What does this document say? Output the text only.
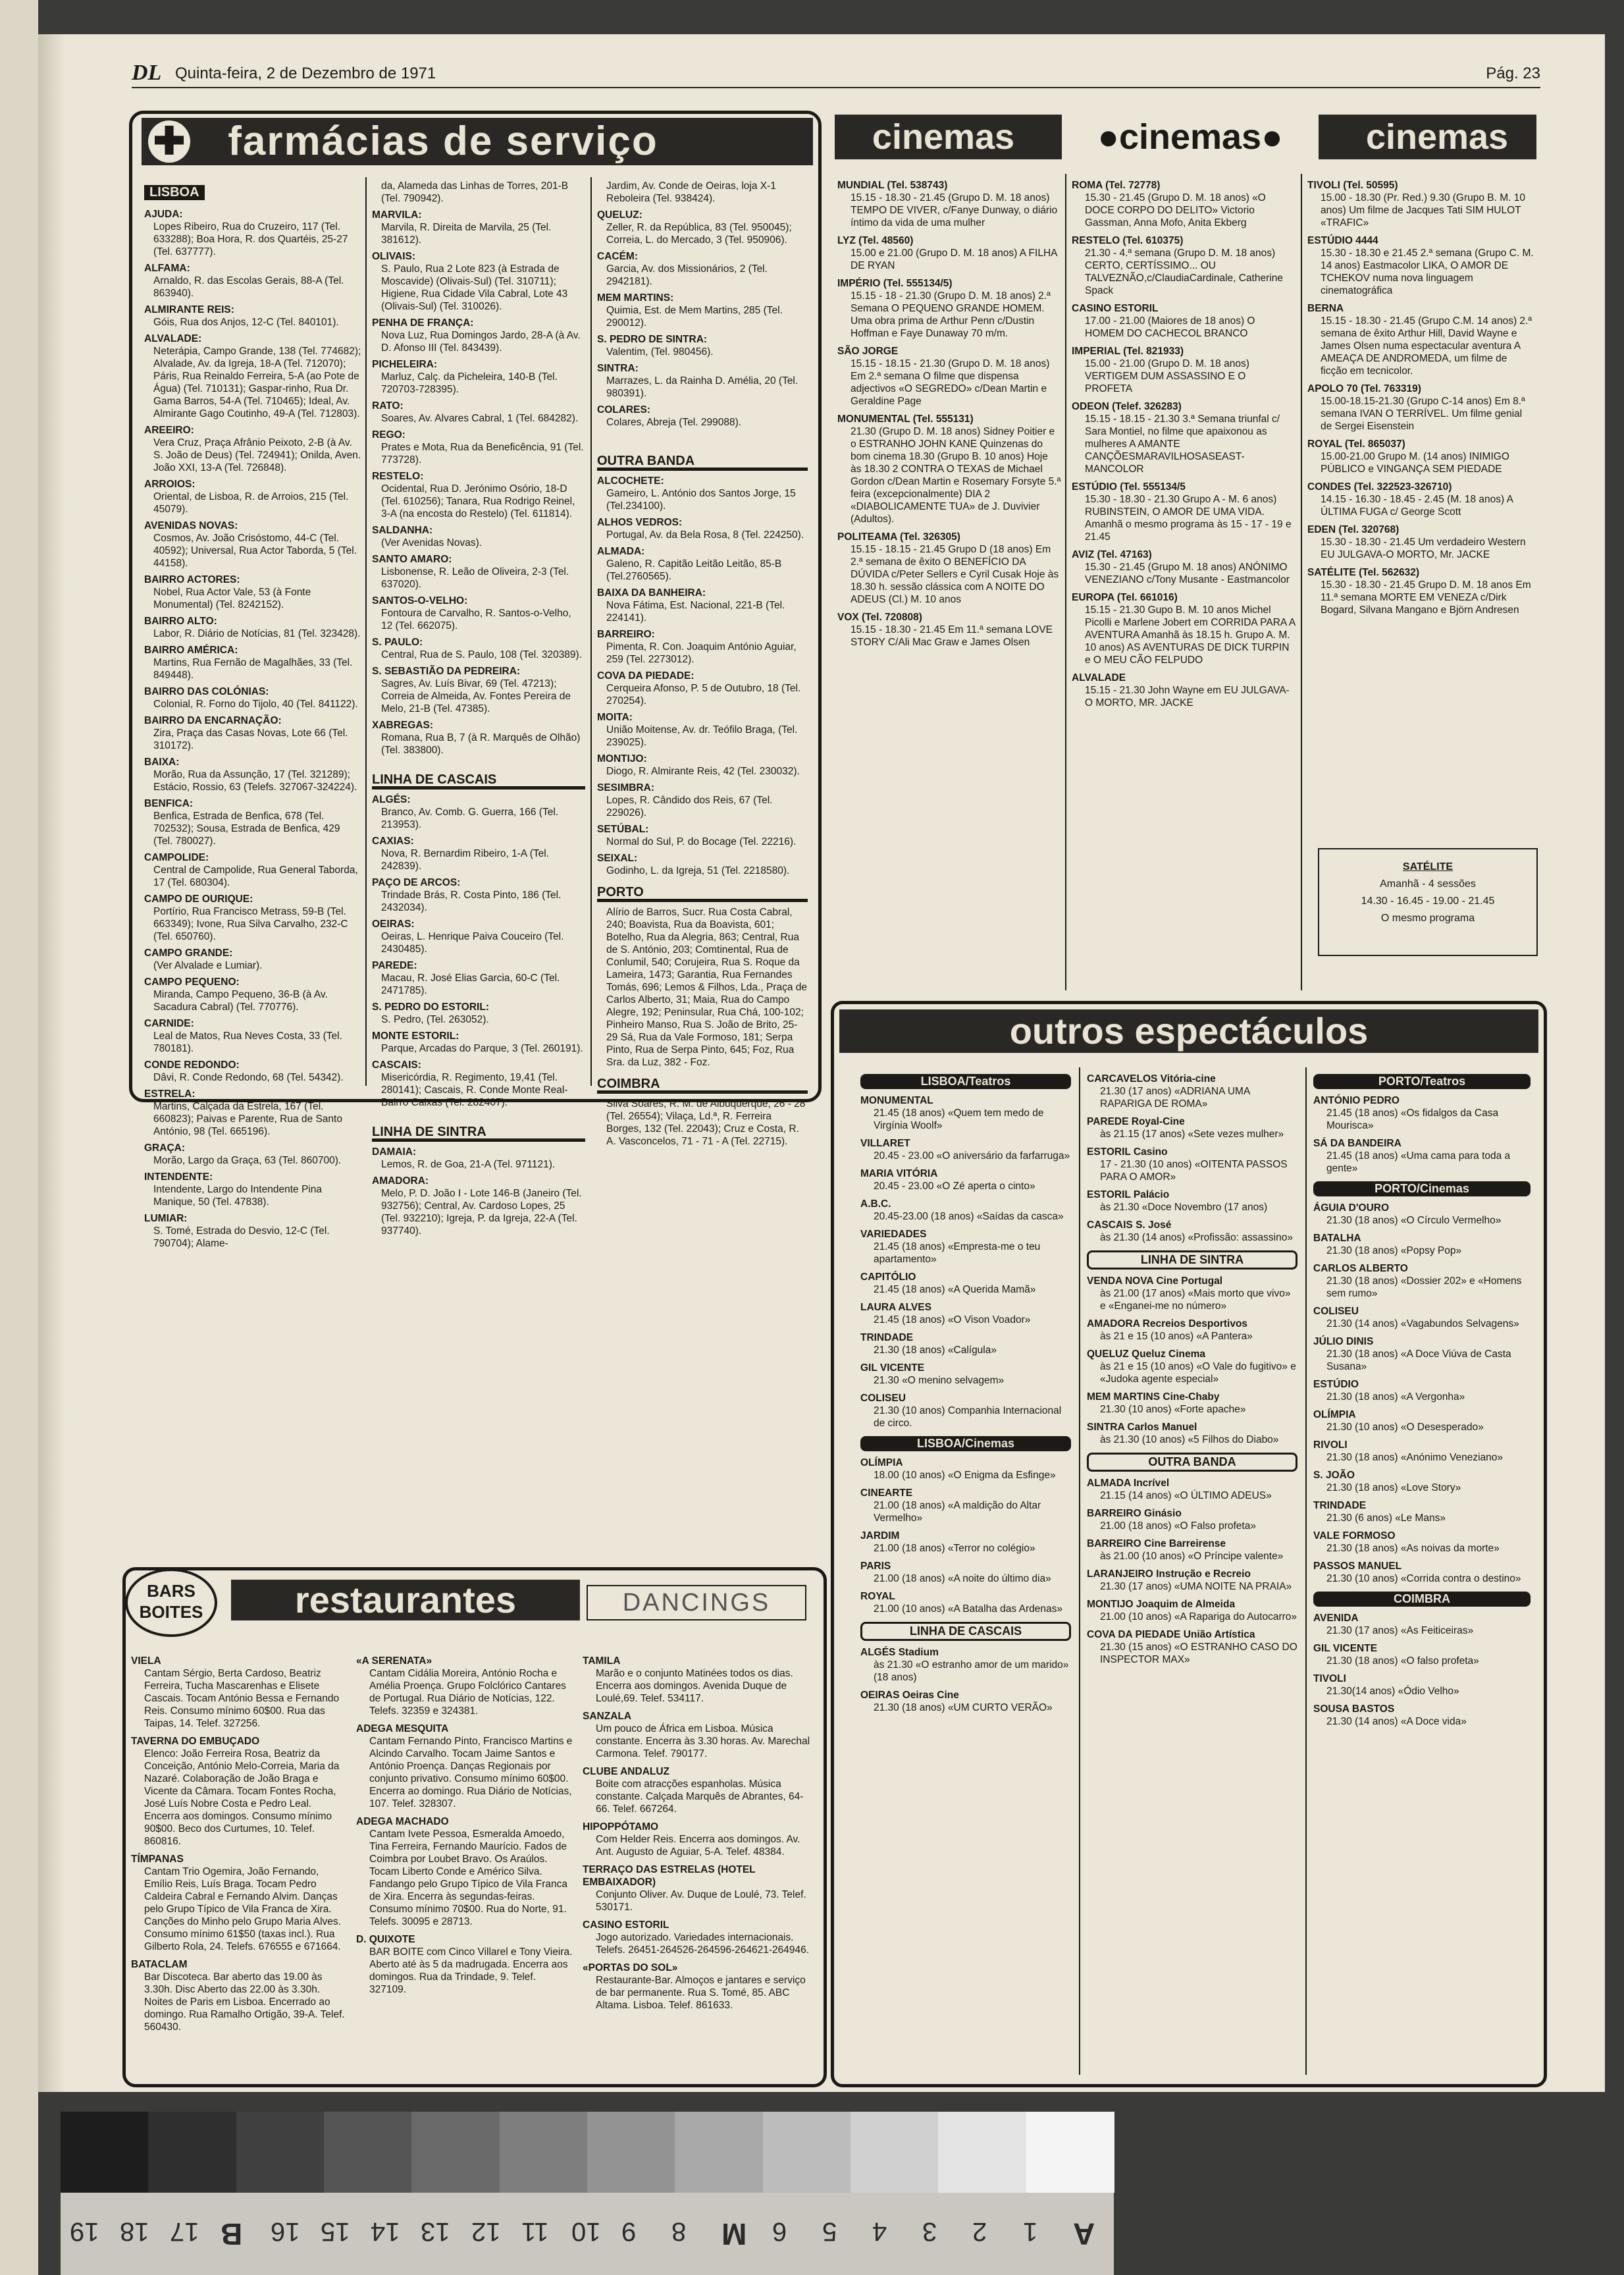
DL Quinta-feira, 2 de Dezembro de 1971	Pág. 23
✚ farmácias de serviço
LISBOA
AJUDA:
Lopes Ribeiro, Rua do Cruzeiro, 117 (Tel. 633288); Boa Hora, R. dos Quartéis, 25-27 (Tel. 637777).
ALFAMA:
Arnaldo, R. das Escolas Gerais, 88-A (Tel. 863940).
ALMIRANTE REIS:
Góis, Rua dos Anjos, 12-C (Tel. 840101).
ALVALADE:
Neterápia, Campo Grande, 138 (Tel. 774682); Alvalade, Av. da Igreja, 18-A (Tel. 712070); Páris, Rua Reinaldo Ferreira, 5-A (ao Pote de Água) (Tel. 710131); Gaspar-rinho, Rua Dr. Gama Barros, 54-A (Tel. 710465); Ideal, Av. Almirante Gago Coutinho, 49-A (Tel. 712803).
AREEIRO:
Vera Cruz, Praça Afrânio Peixoto, 2-B (à Av. S. João de Deus) (Tel. 724941); Onilda, Aven. João XXI, 13-A (Tel. 726848).
ARROIOS:
Oriental, de Lisboa, R. de Arroios, 215 (Tel. 45079).
AVENIDAS NOVAS:
Cosmos, Av. João Crisóstomo, 44-C (Tel. 40592); Universal, Rua Actor Taborda, 5 (Tel. 44158).
BAIRRO ACTORES:
Nobel, Rua Actor Vale, 53 (à Fonte Monumental) (Tel. 8242152).
BAIRRO ALTO:
Labor, R. Diário de Notícias, 81 (Tel. 323428).
BAIRRO AMÉRICA:
Martins, Rua Fernão de Magalhães, 33 (Tel. 849448).
BAIRRO DAS COLÓNIAS:
Colonial, R. Forno do Tijolo, 40 (Tel. 841122).
BAIRRO DA ENCARNAÇÃO:
Zira, Praça das Casas Novas, Lote 66 (Tel. 310172).
BAIXA:
Morão, Rua da Assunção, 17 (Tel. 321289); Estácio, Rossio, 63 (Telefs. 327067-324224).
BENFICA:
Benfica, Estrada de Benfica, 678 (Tel. 702532); Sousa, Estrada de Benfica, 429 (Tel. 780027).
CAMPOLIDE:
Central de Campolide, Rua General Taborda, 17 (Tel. 680304).
CAMPO DE OURIQUE:
Portírio, Rua Francisco Metrass, 59-B (Tel. 663349); Ivone, Rua Silva Carvalho, 232-C (Tel. 650760).
CAMPO GRANDE:
(Ver Alvalade e Lumiar).
CAMPO PEQUENO:
Miranda, Campo Pequeno, 36-B (à Av. Sacadura Cabral) (Tel. 770776).
CARNIDE:
Leal de Matos, Rua Neves Costa, 33 (Tel. 780181).
CONDE REDONDO:
Dâvi, R. Conde Redondo, 68 (Tel. 54342).
ESTRELA:
Martins, Calçada da Estrela, 167 (Tel. 660823); Paivas e Parente, Rua de Santo António, 98 (Tel. 665196).
GRAÇA:
Morão, Largo da Graça, 63 (Tel. 860700).
INTENDENTE:
Intendente, Largo do Intendente Pina Manique, 50 (Tel. 47838).
LUMIAR:
S. Tomé, Estrada do Desvio, 12-C (Tel. 790704); Alame-
da, Alameda das Linhas de Torres, 201-B (Tel. 790942).
MARVILA:
Marvila, R. Direita de Marvila, 25 (Tel. 381612).
OLIVAIS:
S. Paulo, Rua 2 Lote 823 (à Estrada de Moscavide) (Olivais-Sul) (Tel. 310711); Higiene, Rua Cidade Vila Cabral, Lote 43 (Olivais-Sul) (Tel. 310026).
PENHA DE FRANÇA:
Nova Luz, Rua Domingos Jardo, 28-A (à Av. D. Afonso III (Tel. 843439).
PICHELEIRA:
Marluz, Calç. da Picheleira, 140-B (Tel. 720703-728395).
RATO:
Soares, Av. Alvares Cabral, 1 (Tel. 684282).
REGO:
Prates e Mota, Rua da Beneficência, 91 (Tel. 773728).
RESTELO:
Ocidental, Rua D. Jerónimo Osório, 18-D (Tel. 610256); Tanara, Rua Rodrigo Reinel, 3-A (na encosta do Restelo) (Tel. 611814).
SALDANHA:
(Ver Avenidas Novas).
SANTO AMARO:
Lisbonense, R. Leão de Oliveira, 2-3 (Tel. 637020).
SANTOS-O-VELHO:
Fontoura de Carvalho, R. Santos-o-Velho, 12 (Tel. 662075).
S. PAULO:
Central, Rua de S. Paulo, 108 (Tel. 320389).
S. SEBASTIÃO DA PEDREIRA:
Sagres, Av. Luís Bivar, 69 (Tel. 47213); Correia de Almeida, Av. Fontes Pereira de Melo, 21-B (Tel. 47385).
XABREGAS:
Romana, Rua B, 7 (à R. Marquês de Olhão) (Tel. 383800).
LINHA DE CASCAIS
ALGÉS:
Branco, Av. Comb. G. Guerra, 166 (Tel. 213953).
CAXIAS:
Nova, R. Bernardim Ribeiro, 1-A (Tel. 242839).
PAÇO DE ARCOS:
Trindade Brás, R. Costa Pinto, 186 (Tel. 2432034).
OEIRAS:
Oeiras, L. Henrique Paiva Couceiro (Tel. 2430485).
PAREDE:
Macau, R. José Elias Garcia, 60-C (Tel. 2471785).
S. PEDRO DO ESTORIL:
S. Pedro, (Tel. 263052).
MONTE ESTORIL:
Parque, Arcadas do Parque, 3 (Tel. 260191).
CASCAIS:
Misericórdia, R. Regimento, 19,41 (Tel. 280141); Cascais, R. Conde Monte Real-Bairro Caixas (Tel. 282407).
LINHA DE SINTRA
DAMAIA:
Lemos, R. de Goa, 21-A (Tel. 971121).
AMADORA:
Melo, P. D. João I - Lote 146-B (Janeiro (Tel. 932756); Central, Av. Cardoso Lopes, 25 (Tel. 932210); Igreja, P. da Igreja, 22-A (Tel. 937740).
Jardim, Av. Conde de Oeiras, loja X-1 Reboleira (Tel. 938424).
QUELUZ:
Zeller, R. da República, 83 (Tel. 950045); Correia, L. do Mercado, 3 (Tel. 950906).
CACÉM:
Garcia, Av. dos Missionários, 2 (Tel. 2942181).
MEM MARTINS:
Quimia, Est. de Mem Martins, 285 (Tel. 290012).
S. PEDRO DE SINTRA:
Valentim, (Tel. 980456).
SINTRA:
Marrazes, L. da Rainha D. Amélia, 20 (Tel. 980391).
COLARES:
Colares, Abreja (Tel. 299088).
OUTRA BANDA
ALCOCHETE:
Gameiro, L. António dos Santos Jorge, 15 (Tel.234100).
ALHOS VEDROS:
Portugal, Av. da Bela Rosa, 8 (Tel. 224250).
ALMADA:
Galeno, R. Capitão Leitão Leitão, 85-B (Tel.2760565).
BAIXA DA BANHEIRA:
Nova Fátima, Est. Nacional, 221-B (Tel. 224141).
BARREIRO:
Pimenta, R. Con. Joaquim António Aguiar, 259 (Tel. 2273012).
COVA DA PIEDADE:
Cerqueira Afonso, P. 5 de Outubro, 18 (Tel. 270254).
MOITA:
União Moitense, Av. dr. Teófilo Braga, (Tel. 239025).
MONTIJO:
Diogo, R. Almirante Reis, 42 (Tel. 230032).
SESIMBRA:
Lopes, R. Cândido dos Reis, 67 (Tel. 229026).
SETÚBAL:
Normal do Sul, P. do Bocage (Tel. 22216).
SEIXAL:
Godinho, L. da Igreja, 51 (Tel. 2218580).
PORTO
Alírio de Barros, Sucr. Rua Costa Cabral, 240; Boavista, Rua da Boavista, 601; Botelho, Rua da Alegria, 863; Central, Rua de S. António, 203; Comtinental, Rua de Conlumil, 540; Corujeira, Rua S. Roque da Lameira, 1473; Garantia, Rua Fernandes Tomás, 696; Lemos & Filhos, Lda., Praça de Carlos Alberto, 31; Maia, Rua do Campo Alegre, 192; Peninsular, Rua Chá, 100-102; Pinheiro Manso, Rua S. João de Brito, 25-29 Sá, Rua da Vale Formoso, 181; Serpa Pinto, Rua de Serpa Pinto, 645; Foz, Rua Sra. da Luz, 382 - Foz.
COIMBRA
Silva Soares, R. M. de Albuquerque, 26 - 28 (Tel. 26554); Vilaça, Ld.ª, R. Ferreira Borges, 132 (Tel. 22043); Cruz e Costa, R. A. Vasconcelos, 71 - 71 - A (Tel. 22715).
cinemas ●cinemas● cinemas
MUNDIAL (Tel. 538743)
15.15 - 18.30 - 21.45 (Grupo D. M. 18 anos) TEMPO DE VIVER, c/Fanye Dunway, o diário íntimo da vida de uma mulher
LYZ (Tel. 48560)
15.00 e 21.00 (Grupo D. M. 18 anos) A FILHA DE RYAN
IMPÉRIO (Tel. 555134/5)
15.15 - 18 - 21.30 (Grupo D. M. 18 anos) 2.ª Semana O PEQUENO GRANDE HOMEM. Uma obra prima de Arthur Penn c/Dustin Hoffman e Faye Dunaway 70 m/m.
SÃO JORGE
15.15 - 18.15 - 21.30 (Grupo D. M. 18 anos) Em 2.ª semana O filme que dispensa adjectivos «O SEGREDO» c/Dean Martin e Geraldine Page
MONUMENTAL (Tel. 555131)
21.30 (Grupo D. M. 18 anos) Sidney Poitier e o ESTRANHO JOHN KANE Quinzenas do bom cinema 18.30 (Grupo B. 10 anos) Hoje às 18.30 2 CONTRA O TEXAS de Michael Gordon c/Dean Martin e Rosemary Forsyte 5.ª feira (excepcionalmente) DIA 2 «DIABOLICAMENTE TUA» de J. Duvivier (Adultos).
POLITEAMA (Tel. 326305)
15.15 - 18.15 - 21.45 Grupo D (18 anos) Em 2.ª semana de êxito O BENEFÍCIO DA DÚVIDA c/Peter Sellers e Cyril Cusak Hoje às 18.30 h. sessão clássica com A NOITE DO ADEUS (Cl.) M. 10 anos
VOX (Tel. 720808)
15.15 - 18.30 - 21.45 Em 11.ª semana LOVE STORY C/Ali Mac Graw e James Olsen
ROMA (Tel. 72778)
15.30 - 21.45 (Grupo D. M. 18 anos) «O DOCE CORPO DO DELITO» Victorio Gassman, Anna Mofo, Anita Ekberg
RESTELO (Tel. 610375)
21.30 - 4.ª semana (Grupo D. M. 18 anos) CERTO, CERTÍSSIMO... OU TALVEZNÃO,c/ClaudiaCardinale, Catherine Spack
CASINO ESTORIL
17.00 - 21.00 (Maiores de 18 anos) O HOMEM DO CACHECOL BRANCO
IMPERIAL (Tel. 821933)
15.00 - 21.00 (Grupo D. M. 18 anos) VERTIGEM DUM ASSASSINO E O PROFETA
ODEON (Telef. 326283)
15.15 - 18.15 - 21.30 3.ª Semana triunfal c/ Sara Montiel, no filme que apaixonou as mulheres A AMANTE CANÇÕESMARAVILHOSASEAST-MANCOLOR
ESTÚDIO (Tel. 555134/5
15.30 - 18.30 - 21.30 Grupo A - M. 6 anos) RUBINSTEIN, O AMOR DE UMA VIDA. Amanhã o mesmo programa às 15 - 17 - 19 e 21.45
AVIZ (Tel. 47163)
15.30 - 21.45 (Grupo M. 18 anos) ANÓNIMO VENEZIANO c/Tony Musante - Eastmancolor
EUROPA (Tel. 661016)
15.15 - 21.30 Gupo B. M. 10 anos Michel Picolli e Marlene Jobert em CORRIDA PARA A AVENTURA Amanhã às 18.15 h. Grupo A. M. 10 anos) AS AVENTURAS DE DICK TURPIN e O MEU CÃO FELPUDO
ALVALADE
15.15 - 21.30 John Wayne em EU JULGAVA-O MORTO, MR. JACKE
TIVOLI (Tel. 50595)
15.00 - 18.30 (Pr. Red.) 9.30 (Grupo B. M. 10 anos) Um filme de Jacques Tati SIM HULOT «TRAFIC»
ESTÚDIO 4444
15.30 - 18.30 e 21.45 2.ª semana (Grupo C. M. 14 anos) Eastmacolor LIKA, O AMOR DE TCHEKOV numa nova linguagem cinematográfica
BERNA
15.15 - 18.30 - 21.45 (Grupo C.M. 14 anos) 2.ª semana de êxito Arthur Hill, David Wayne e James Olsen numa espectacular aventura A AMEAÇA DE ANDROMEDA, um filme de ficção em tecnicolor.
APOLO 70 (Tel. 763319)
15.00-18.15-21.30 (Grupo C-14 anos) Em 8.ª semana IVAN O TERRÍVEL. Um filme genial de Sergei Eisenstein
ROYAL (Tel. 865037)
15.00-21.00 Grupo M. (14 anos) INIMIGO PÚBLICO e VINGANÇA SEM PIEDADE
CONDES (Tel. 322523-326710)
14.15 - 16.30 - 18.45 - 2.45 (M. 18 anos) A ÚLTIMA FUGA c/ George Scott
EDEN (Tel. 320768)
15.30 - 18.30 - 21.45 Um verdadeiro Western EU JULGAVA-O MORTO, Mr. JACKE
SATÉLITE (Tel. 562632)
15.30 - 18.30 - 21.45 Grupo D. M. 18 anos Em 11.ª semana MORTE EM VENEZA c/Dirk Bogard, Silvana Mangano e Björn Andresen
SATÉLITE
Amanhã - 4 sessões
14.30 - 16.45 - 19.00 - 21.45
O mesmo programa
outros espectáculos
LISBOA/Teatros
MONUMENTAL
21.45 (18 anos) «Quem tem medo de Virgínia Woolf»
VILLARET
20.45 - 23.00 «O aniversário da farfarruga»
MARIA VITÓRIA
20.45 - 23.00 «O Zé aperta o cinto»
A.B.C.
20.45-23.00 (18 anos) «Saídas da casca»
VARIEDADES
21.45 (18 anos) «Empresta-me o teu apartamento»
CAPITÓLIO
21.45 (18 anos) «A Querida Mamã»
LAURA ALVES
21.45 (18 anos) «O Vison Voador»
TRINDADE
21.30 (18 anos) «Calígula»
GIL VICENTE
21.30 «O menino selvagem»
COLISEU
21.30 (10 anos) Companhia Internacional de circo.
LISBOA/Cinemas
OLÍMPIA
18.00 (10 anos) «O Enigma da Esfinge»
CINEARTE
21.00 (18 anos) «A maldição do Altar Vermelho»
JARDIM
21.00 (18 anos) «Terror no colégio»
PARIS
21.00 (18 anos) «A noite do último dia»
ROYAL
21.00 (10 anos) «A Batalha das Ardenas»
LINHA DE CASCAIS
ALGÉS Stadium
às 21.30 «O estranho amor de um marido» (18 anos)
OEIRAS Oeiras Cine
21.30 (18 anos) «UM CURTO VERÃO»
CARCAVELOS Vitória-cine
21.30 (17 anos) «ADRIANA UMA RAPARIGA DE ROMA»
PAREDE Royal-Cine
às 21.15 (17 anos) «Sete vezes mulher»
ESTORIL Casino
17 - 21.30 (10 anos) «OITENTA PASSOS PARA O AMOR»
ESTORIL Palácio
às 21.30 «Doce Novembro (17 anos)
CASCAIS S. José
às 21.30 (14 anos) «Profissão: assassino»
LINHA DE SINTRA
VENDA NOVA Cine Portugal
às 21.00 (17 anos) «Mais morto que vivo» e «Enganei-me no número»
AMADORA Recreios Desportivos
às 21 e 15 (10 anos) «A Pantera»
QUELUZ Queluz Cinema
às 21 e 15 (10 anos) «O Vale do fugitivo» e «Judoka agente especial»
MEM MARTINS Cine-Chaby
21.30 (10 anos) «Forte apache»
SINTRA Carlos Manuel
às 21.30 (10 anos) «5 Filhos do Diabo»
OUTRA BANDA
ALMADA Incrível
21.15 (14 anos) «O ÚLTIMO ADEUS»
BARREIRO Ginásio
21.00 (18 anos) «O Falso profeta»
BARREIRO Cine Barreirense
às 21.00 (10 anos) «O Príncipe valente»
LARANJEIRO Instrução e Recreio
21.30 (17 anos) «UMA NOITE NA PRAIA»
MONTIJO Joaquim de Almeida
21.00 (10 anos) «A Rapariga do Autocarro»
COVA DA PIEDADE União Artística
21.30 (15 anos) «O ESTRANHO CASO DO INSPECTOR MAX»
PORTO/Teatros
ANTÓNIO PEDRO
21.45 (18 anos) «Os fidalgos da Casa Mourisca»
SÁ DA BANDEIRA
21.45 (18 anos) «Uma cama para toda a gente»
PORTO/Cinemas
ÁGUIA D'OURO
21.30 (18 anos) «O Círculo Vermelho»
BATALHA
21.30 (18 anos) «Popsy Pop»
CARLOS ALBERTO
21.30 (18 anos) «Dossier 202» e «Homens sem rumo»
COLISEU
21.30 (14 anos) «Vagabundos Selvagens»
JÚLIO DINIS
21.30 (18 anos) «A Doce Viúva de Casta Susana»
ESTÚDIO
21.30 (18 anos) «A Vergonha»
OLÍMPIA
21.30 (10 anos) «O Desesperado»
RIVOLI
21.30 (18 anos) «Anónimo Veneziano»
S. JOÃO
21.30 (18 anos) «Love Story»
TRINDADE
21.30 (6 anos) «Le Mans»
VALE FORMOSO
21.30 (18 anos) «As noivas da morte»
PASSOS MANUEL
21.30 (10 anos) «Corrida contra o destino»
COIMBRA
AVENIDA
21.30 (17 anos) «As Feiticeiras»
GIL VICENTE
21.30 (18 anos) «O falso profeta»
TIVOLI
21.30(14 anos) «Ódio Velho»
SOUSA BASTOS
21.30 (14 anos) «A Doce vida»
restaurantes	DANCINGS
VIELA
Cantam Sérgio, Berta Cardoso, Beatriz Ferreira, Tucha Mascarenhas e Elisete Cascais. Tocam António Bessa e Fernando Reis. Consumo mínimo 60$00. Rua das Taipas, 14. Telef. 327256.
TAVERNA DO EMBUÇADO
Elenco: João Ferreira Rosa, Beatriz da Conceição, António Melo-Correia, Maria da Nazaré. Colaboração de João Braga e Vicente da Câmara. Tocam Fontes Rocha, José Luís Nobre Costa e Pedro Leal. Encerra aos domingos. Consumo mínimo 90$00. Beco dos Curtumes, 10. Telef. 860816.
TÍMPANAS
Cantam Trio Ogemira, João Fernando, Emílio Reis, Luís Braga. Tocam Pedro Caldeira Cabral e Fernando Alvim. Danças pelo Grupo Típico de Vila Franca de Xira. Canções do Minho pelo Grupo Maria Alves. Consumo mínimo 61$50 (taxas incl.). Rua Gilberto Rola, 24. Telefs. 676555 e 671664.
BATACLAM
Bar Discoteca. Bar aberto das 19.00 às 3.30h. Disc Aberto das 22.00 às 3.30h. Noites de Paris em Lisboa. Encerrado ao domingo. Rua Ramalho Ortigão, 39-A. Telef. 560430.
«A SERENATA»
Cantam Cidália Moreira, António Rocha e Amélia Proença. Grupo Folclórico Cantares de Portugal. Rua Diário de Notícias, 122. Telefs. 32359 e 324381.
ADEGA MESQUITA
Cantam Fernando Pinto, Francisco Martins e Alcindo Carvalho. Tocam Jaime Santos e António Proença. Danças Regionais por conjunto privativo. Consumo mínimo 60$00. Encerra ao domingo. Rua Diário de Notícias, 107. Telef. 328307.
ADEGA MACHADO
Cantam Ivete Pessoa, Esmeralda Amoedo, Tina Ferreira, Fernando Maurício. Fados de Coimbra por Loubet Bravo. Os Araúlos. Tocam Liberto Conde e Américo Silva. Fandango pelo Grupo Típico de Vila Franca de Xira. Encerra às segundas-feiras. Consumo mínimo 70$00. Rua do Norte, 91. Telefs. 30095 e 28713.
D. QUIXOTE
BAR BOITE com Cinco Villarel e Tony Vieira. Aberto até às 5 da madrugada. Encerra aos domingos. Rua da Trindade, 9. Telef. 327109.
TAMILA
Marão e o conjunto Matinées todos os dias. Encerra aos domingos. Avenida Duque de Loulé,69. Telef. 534117.
SANZALA
Um pouco de África em Lisboa. Música constante. Encerra às 3.30 horas. Av. Marechal Carmona. Telef. 790177.
CLUBE ANDALUZ
Boite com atracções espanholas. Música constante. Calçada Marquês de Abrantes, 64-66. Telef. 667264.
HIPOPPÓTAMO
Com Helder Reis. Encerra aos domingos. Av. Ant. Augusto de Aguiar, 5-A. Telef. 48384.
TERRAÇO DAS ESTRELAS (HOTEL EMBAIXADOR)
Conjunto Oliver. Av. Duque de Loulé, 73. Telef. 530171.
CASINO ESTORIL
Jogo autorizado. Variedades internacionais. Telefs. 26451-264526-264596-264621-264946.
«PORTAS DO SOL»
Restaurante-Bar. Almoços e jantares e serviço de bar permanente. Rua S. Tomé, 85. ABC Altama. Lisboa. Telef. 861633.
BARS
BOITES
19 18 17 B 16 15 14 13 12 11 10 9 8 M 6 5 4 3 2 1 A
